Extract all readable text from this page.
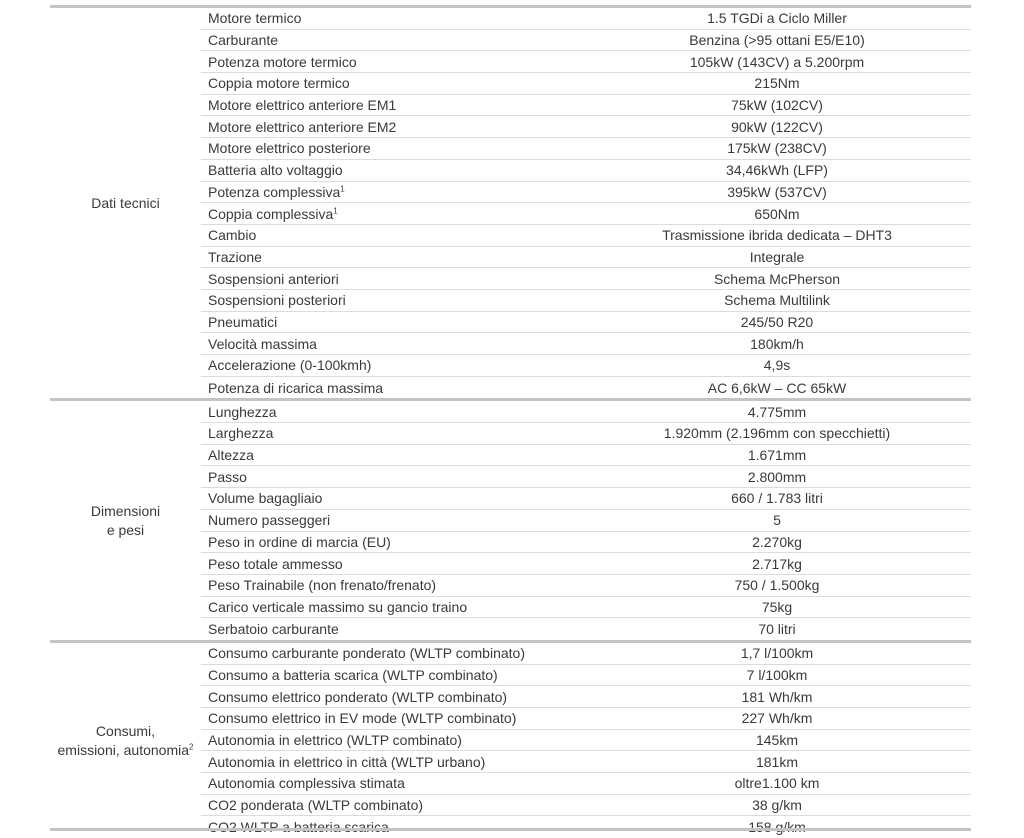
Dati tecnici
Motore termico	1.5 TGDi a Ciclo Miller
Carburante	Benzina (>95 ottani E5/E10)
Potenza motore termico	105kW (143CV) a 5.200rpm
Coppia motore termico	215Nm
Motore elettrico anteriore EM1	75kW (102CV)
Motore elettrico anteriore EM2	90kW (122CV)
Motore elettrico posteriore	175kW (238CV)
Batteria alto voltaggio	34,46kWh (LFP)
Potenza complessiva$^1$	395kW (537CV)
Coppia complessiva$^1$	650Nm
Cambio	Trasmissione ibrida dedicata – DHT3
Trazione	Integrale
Sospensioni anteriori	Schema McPherson
Sospensioni posteriori	Schema Multilink
Pneumatici	245/50 R20
Velocità massima	180km/h
Accelerazione (0-100kmh)	4,9s
Potenza di ricarica massima	AC 6,6kW – CC 65kW
Dimensioni
e pesi
Lunghezza	4.775mm
Larghezza	1.920mm (2.196mm con specchietti)
Altezza	1.671mm
Passo	2.800mm
Volume bagagliaio	660 / 1.783 litri
Numero passeggeri	5
Peso in ordine di marcia (EU)	2.270kg
Peso totale ammesso	2.717kg
Peso Trainabile (non frenato/frenato)	750 / 1.500kg
Carico verticale massimo su gancio traino	75kg
Serbatoio carburante	70 litri
Consumi,
emissioni, autonomia$^2$
Consumo carburante ponderato (WLTP combinato)	1,7 l/100km
Consumo a batteria scarica (WLTP combinato)	7 l/100km
Consumo elettrico ponderato (WLTP combinato)	181 Wh/km
Consumo elettrico in EV mode (WLTP combinato)	227 Wh/km
Autonomia in elettrico (WLTP combinato)	145km
Autonomia in elettrico in città (WLTP urbano)	181km
Autonomia complessiva stimata	oltre1.100 km
CO2 ponderata (WLTP combinato)	38 g/km
CO2 WLTP a batteria scarica	158 g/km
